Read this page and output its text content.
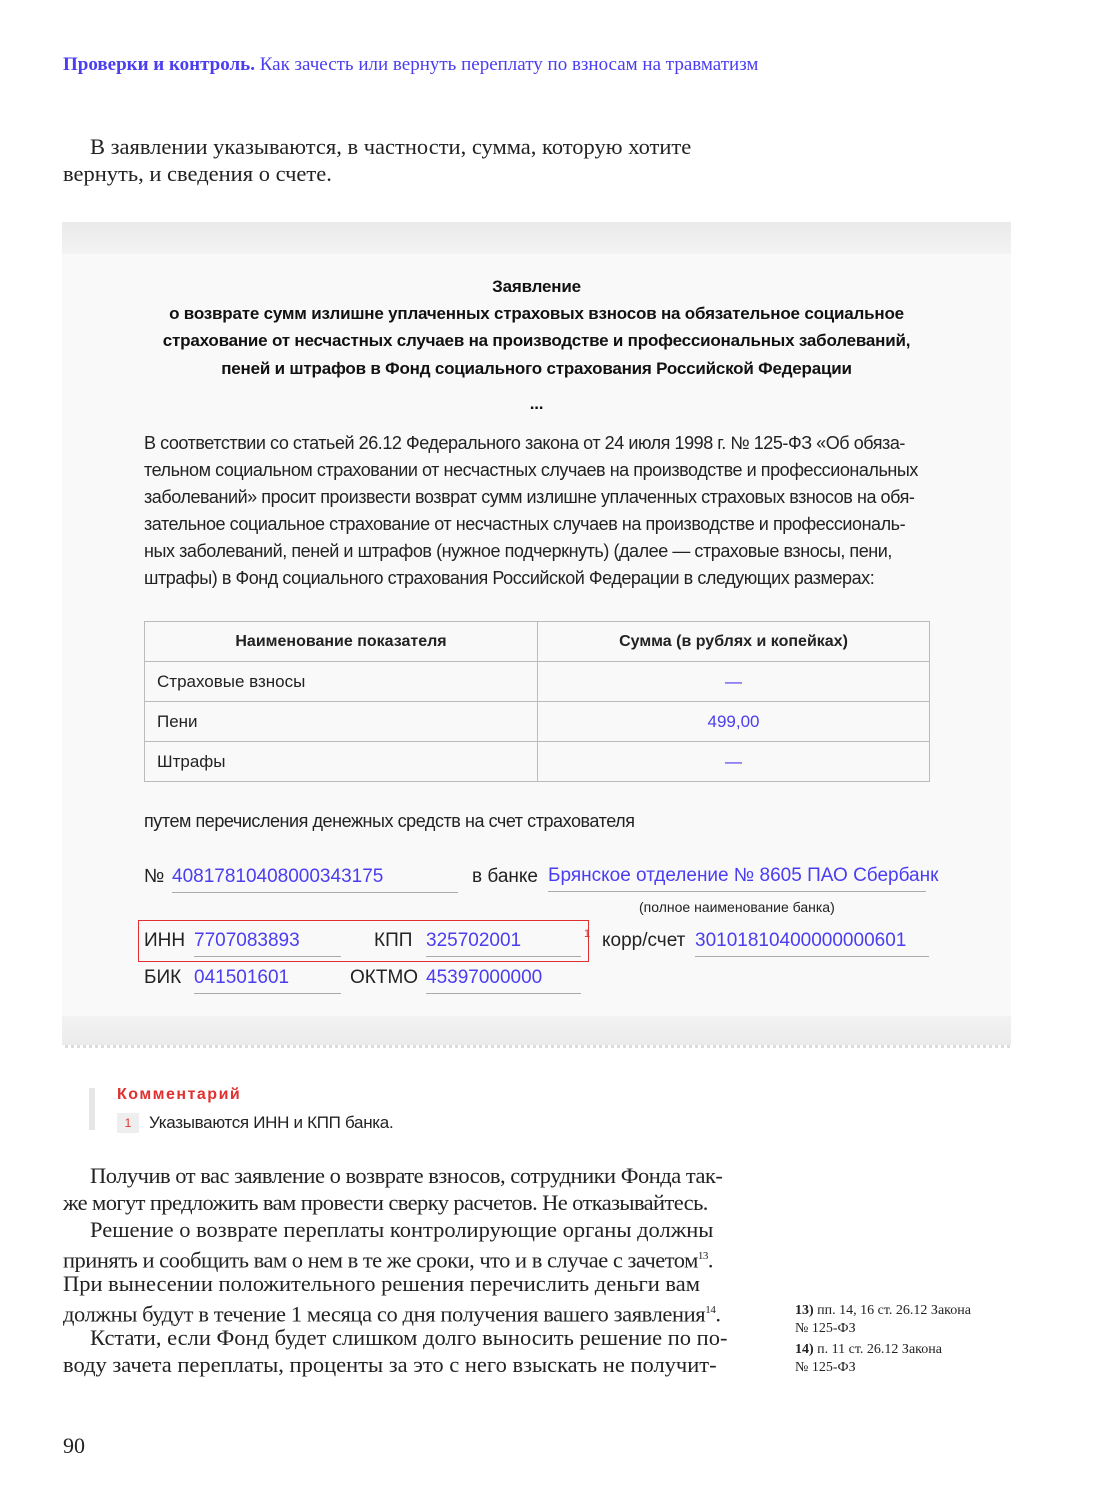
Проверки и контроль. Как зачесть или вернуть переплату по взносам на травматизм
В заявлении указываются, в частности, сумма, которую хотите
вернуть, и сведения о счете.
Заявление
о возврате сумм излишне уплаченных страховых взносов на обязательное социальное
страхование от несчастных случаев на производстве и профессиональных заболеваний,
пеней и штрафов в Фонд социального страхования Российской Федерации
...
В соответствии со статьей 26.12 Федерального закона от 24 июля 1998 г. № 125-ФЗ «Об обяза-
тельном социальном страховании от несчастных случаев на производстве и профессиональных
заболеваний» просит произвести возврат сумм излишне уплаченных страховых взносов на обя-
зательное социальное страхование от несчастных случаев на производстве и профессиональ-
ных заболеваний, пеней и штрафов (нужное подчеркнуть) (далее — страховые взносы, пени,
штрафы) в Фонд социального страхования Российской Федерации в следующих размерах:
Наименование показателя	Сумма (в рублях и копейках)
Страховые взносы	—
Пени	499,00
Штрафы	—
путем перечисления денежных средств на счет страхователя
№ 40817810408000343175	в банке Брянское отделение № 8605 ПАО Сбербанк
(полное наименование банка)
1
ИНН 7707083893	КПП 325702001	корр/счет 30101810400000000601
БИК 041501601	ОКТМО 45397000000
Комментарий
1	Указываются ИНН и КПП банка.
Получив от вас заявление о возврате взносов, сотрудники Фонда так-
же могут предложить вам провести сверку расчетов. Не отказывайтесь.
Решение о возврате переплаты контролирующие органы должны
принять и сообщить вам о нем в те же сроки, что и в случае с зачетом$^{13}$.
При вынесении положительного решения перечислить деньги вам
должны будут в течение 1 месяца со дня получения вашего заявления$^{14}$.
Кстати, если Фонд будет слишком долго выносить решение по по-
воду зачета переплаты, проценты за это с него взыскать не получит-
13) пп. 14, 16 ст. 26.12 Закона
№ 125-ФЗ
14) п. 11 ст. 26.12 Закона
№ 125-ФЗ
90
